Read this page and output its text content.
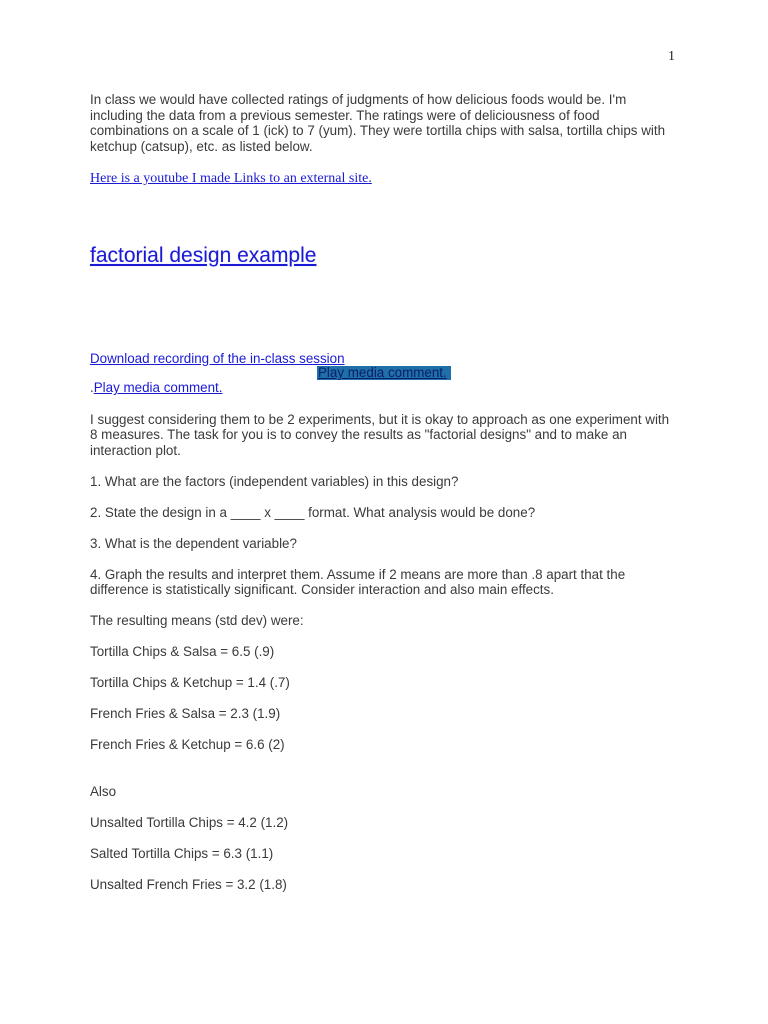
1

In class we would have collected ratings of judgments of how delicious foods would be. I'm including the data from a previous semester. The ratings were of deliciousness of food combinations on a scale of 1 (ick) to 7 (yum). They were tortilla chips with salsa, tortilla chips with ketchup (catsup), etc. as listed below.

Here is a youtube I made Links to an external site.

factorial design example

Download recording of the in-class session

Play media comment.

.Play media comment.

I suggest considering them to be 2 experiments, but it is okay to approach as one experiment with 8 measures. The task for you is to convey the results as "factorial designs" and to make an interaction plot.

1. What are the factors (independent variables) in this design?

2. State the design in a ____ x ____ format. What analysis would be done?

3. What is the dependent variable?

4. Graph the results and interpret them. Assume if 2 means are more than .8 apart that the difference is statistically significant. Consider interaction and also main effects.

The resulting means (std dev) were:

Tortilla Chips & Salsa = 6.5 (.9)

Tortilla Chips & Ketchup = 1.4 (.7)

French Fries & Salsa = 2.3 (1.9)

French Fries & Ketchup = 6.6 (2)

Also

Unsalted Tortilla Chips = 4.2 (1.2)

Salted Tortilla Chips = 6.3 (1.1)

Unsalted French Fries = 3.2 (1.8)
